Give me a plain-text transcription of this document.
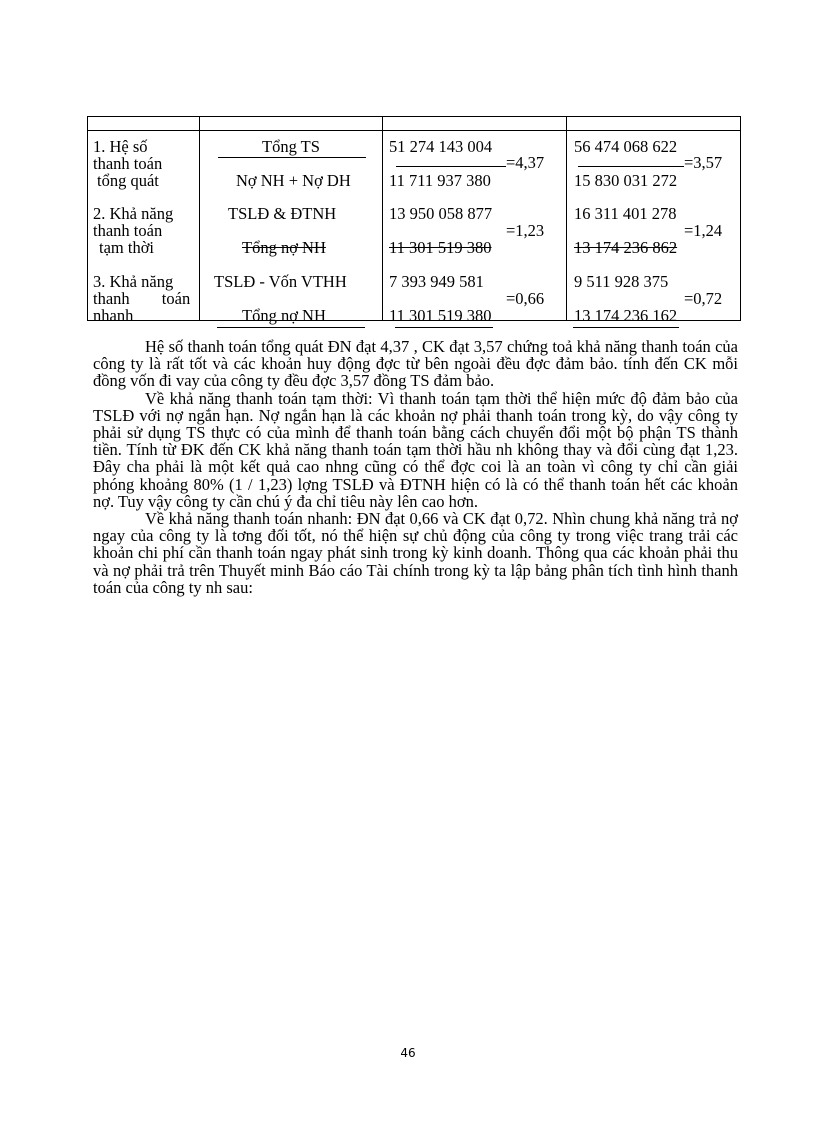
1. Hệ số
thanh toán
tổng quát
Tổng TS
Nợ NH + Nợ DH
51 274 143 004
=4,37
11 711 937 380
56 474 068 622
=3,57
15 830 031 272
2. Khả năng
thanh toán
tạm thời
TSLĐ & ĐTNH
Tổng nợ NH
13 950 058 877
=1,23
11 301 519 380
16 311 401 278
=1,24
13 174 236 862
3. Khả năng
thanh toán
nhanh
TSLĐ - Vốn VTHH
Tổng nợ NH
7 393 949 581
=0,66
11 301 519 380
9 511 928 375
=0,72
13 174 236 162

Hệ số thanh toán tổng quát ĐN đạt 4,37 , CK đạt 3,57 chứng toả khả năng thanh toán của công ty là rất tốt và các khoản huy động đợc từ bên ngoài đều đợc đảm bảo. tính đến CK mỗi đồng vốn đi vay của công ty đều đợc 3,57 đồng TS đảm bảo.

Về khả năng thanh toán tạm thời: Vì thanh toán tạm thời thể hiện mức độ đảm bảo của TSLĐ với nợ ngắn hạn. Nợ ngắn hạn là các khoản nợ phải thanh toán trong kỳ, do vậy công ty phải sử dụng TS thực có của mình để thanh toán bằng cách chuyển đổi một bộ phận TS thành tiền. Tính từ ĐK đến CK khả năng thanh toán tạm thời hầu nh không thay và đổi cùng đạt 1,23. Đây cha phải là một kết quả cao nhng cũng có thể đợc coi là an toàn vì công ty chỉ cần giải phóng khoảng 80% (1 / 1,23) lợng TSLĐ và ĐTNH hiện có là có thể thanh toán hết các khoản nợ. Tuy vậy công ty cần chú ý đa chỉ tiêu này lên cao hơn.

Về khả năng thanh toán nhanh: ĐN đạt 0,66 và CK đạt 0,72. Nhìn chung khả năng trả nợ ngay của công ty là tơng đối tốt, nó thể hiện sự chủ động của công ty trong việc trang trải các khoản chi phí cần thanh toán ngay phát sinh trong kỳ kinh doanh. Thông qua các khoản phải thu và nợ phải trả trên Thuyết minh Báo cáo Tài chính trong kỳ ta lập bảng phân tích tình hình thanh toán của công ty nh sau:

46
